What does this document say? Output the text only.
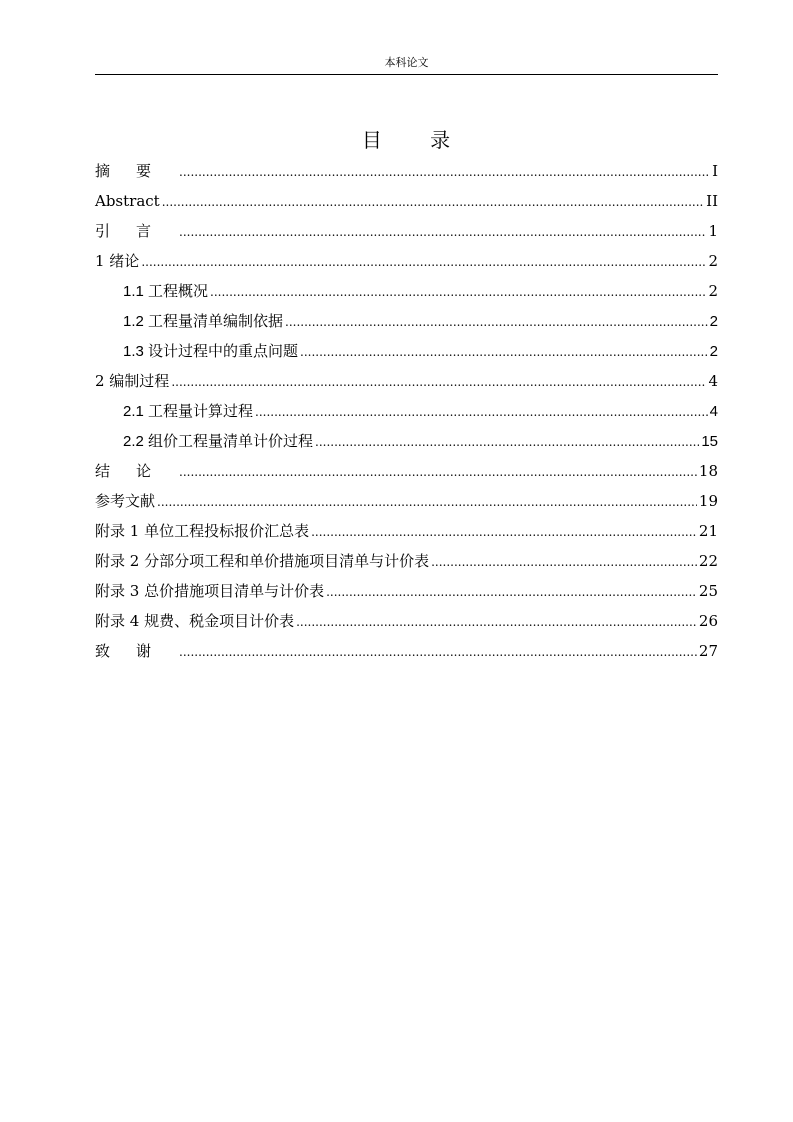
本科论文
目 录
摘要 .....	I
Abstract .....	II
引言 .....	1
1 绪论 .....	2
1.1 工程概况 .....	2
1.2 工程量清单编制依据 .....	2
1.3 设计过程中的重点问题 .....	2
2 编制过程 .....	4
2.1 工程量计算过程 .....	4
2.2 组价工程量清单计价过程 .....	15
结论 .....	18
参考文献 .....	19
附录 1 单位工程投标报价汇总表 .....	21
附录 2 分部分项工程和单价措施项目清单与计价表 .....	22
附录 3 总价措施项目清单与计价表 .....	25
附录 4 规费、税金项目计价表 .....	26
致谢 .....	27
